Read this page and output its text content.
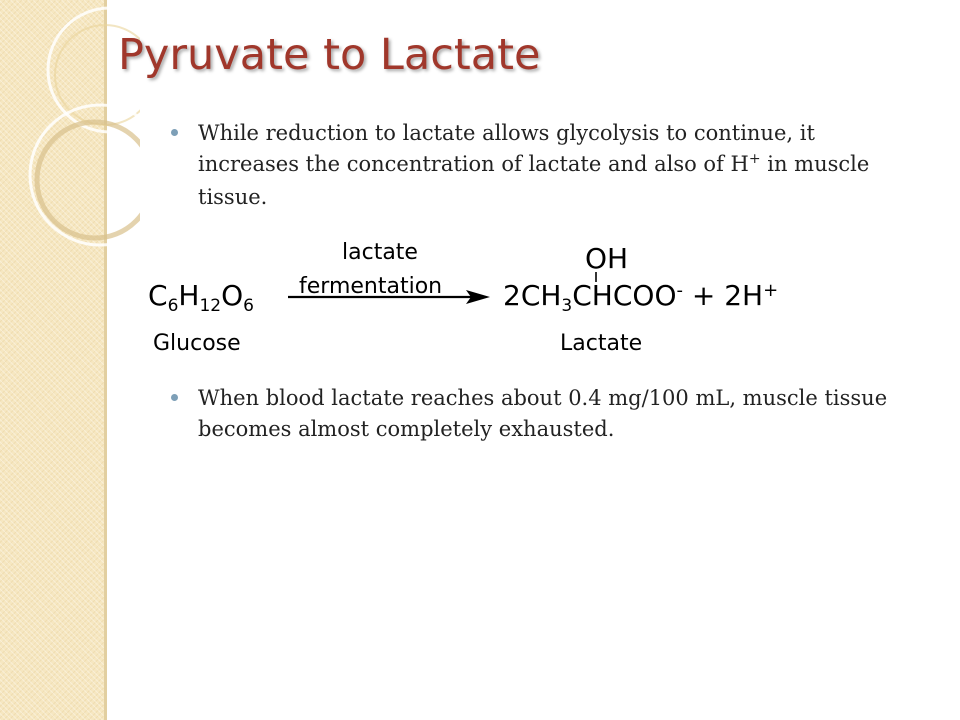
Pyruvate to Lactate
While reduction to lactate allows glycolysis to continue, it increases the concentration of lactate and also of H+ in muscle tissue.
$C_6H_{12}O_6$
Glucose
lactate
fermentation
OH
$2CH_3CHCOO^- + 2H^+$
Lactate
When blood lactate reaches about 0.4 mg/100 mL, muscle tissue becomes almost completely exhausted.
